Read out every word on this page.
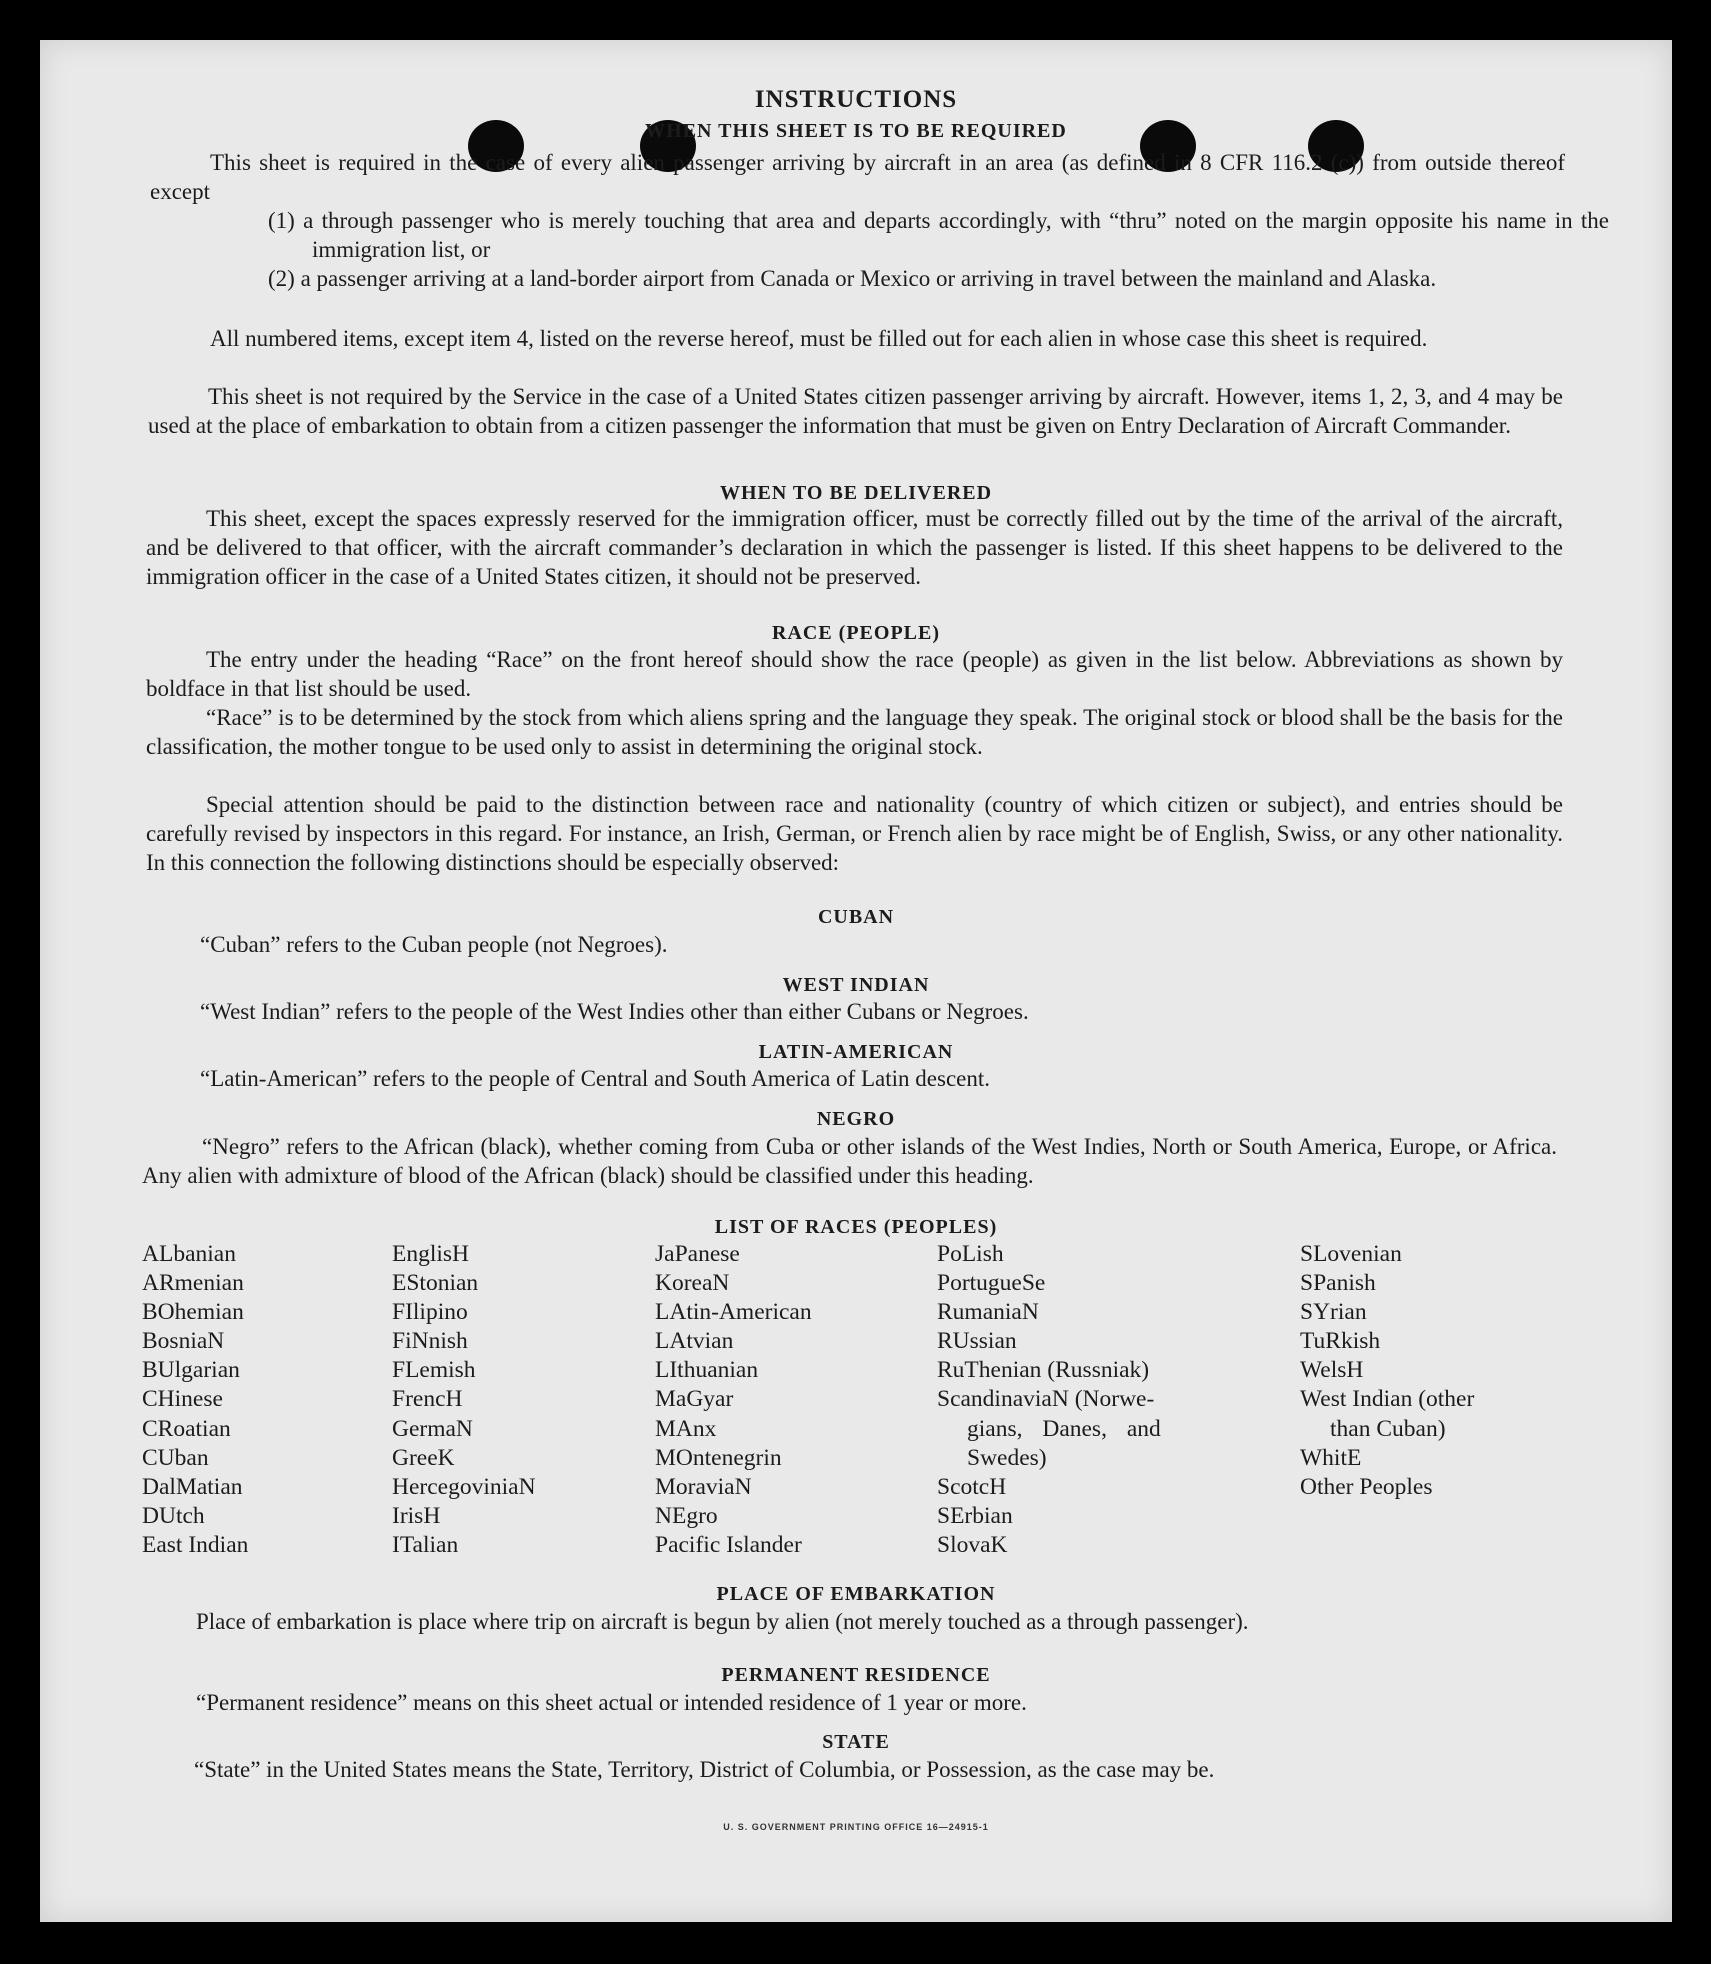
INSTRUCTIONS
WHEN THIS SHEET IS TO BE REQUIRED
This sheet is required in the case of every alien passenger arriving by aircraft in an area (as defined in 8 CFR 116.2 (c)) from outside thereof except
(1) a through passenger who is merely touching that area and departs accordingly, with “thru” noted on the margin opposite his name in the immigration list, or
(2) a passenger arriving at a land-border airport from Canada or Mexico or arriving in travel between the mainland and Alaska.
All numbered items, except item 4, listed on the reverse hereof, must be filled out for each alien in whose case this sheet is required.
This sheet is not required by the Service in the case of a United States citizen passenger arriving by aircraft. However, items 1, 2, 3, and 4 may be used at the place of embarkation to obtain from a citizen passenger the information that must be given on Entry Declaration of Aircraft Commander.
WHEN TO BE DELIVERED
This sheet, except the spaces expressly reserved for the immigration officer, must be correctly filled out by the time of the arrival of the aircraft, and be delivered to that officer, with the aircraft commander’s declaration in which the passenger is listed. If this sheet happens to be delivered to the immigration officer in the case of a United States citizen, it should not be preserved.
RACE (PEOPLE)
The entry under the heading “Race” on the front hereof should show the race (people) as given in the list below. Abbreviations as shown by boldface in that list should be used.
“Race” is to be determined by the stock from which aliens spring and the language they speak. The original stock or blood shall be the basis for the classification, the mother tongue to be used only to assist in determining the original stock.
Special attention should be paid to the distinction between race and nationality (country of which citizen or subject), and entries should be carefully revised by inspectors in this regard. For instance, an Irish, German, or French alien by race might be of English, Swiss, or any other nationality. In this connection the following distinctions should be especially observed:
CUBAN
“Cuban” refers to the Cuban people (not Negroes).
WEST INDIAN
“West Indian” refers to the people of the West Indies other than either Cubans or Negroes.
LATIN-AMERICAN
“Latin-American” refers to the people of Central and South America of Latin descent.
NEGRO
“Negro” refers to the African (black), whether coming from Cuba or other islands of the West Indies, North or South America, Europe, or Africa. Any alien with admixture of blood of the African (black) should be classified under this heading.
LIST OF RACES (PEOPLES)
ALbanian
ARmenian
BOhemian
BosniaN
BUlgarian
CHinese
CRoatian
CUban
DalMatian
DUtch
East Indian
EnglisH
EStonian
FIlipino
FiNnish
FLemish
FrencH
GermaN
GreeK
HercegoviniaN
IrisH
ITalian
JaPanese
KoreaN
LAtin-American
LAtvian
LIthuanian
MaGyar
MAnx
MOntenegrin
MoraviaN
NEgro
Pacific Islander
PoLish
PortugueSe
RumaniaN
RUssian
RuThenian (Russniak)
ScandinaviaN (Norwe-
gians, Danes, and
Swedes)
ScotcH
SErbian
SlovaK
SLovenian
SPanish
SYrian
TuRkish
WelsH
West Indian (other
than Cuban)
WhitE
Other Peoples
PLACE OF EMBARKATION
Place of embarkation is place where trip on aircraft is begun by alien (not merely touched as a through passenger).
PERMANENT RESIDENCE
“Permanent residence” means on this sheet actual or intended residence of 1 year or more.
STATE
“State” in the United States means the State, Territory, District of Columbia, or Possession, as the case may be.
U. S. GOVERNMENT PRINTING OFFICE 16—24915-1
